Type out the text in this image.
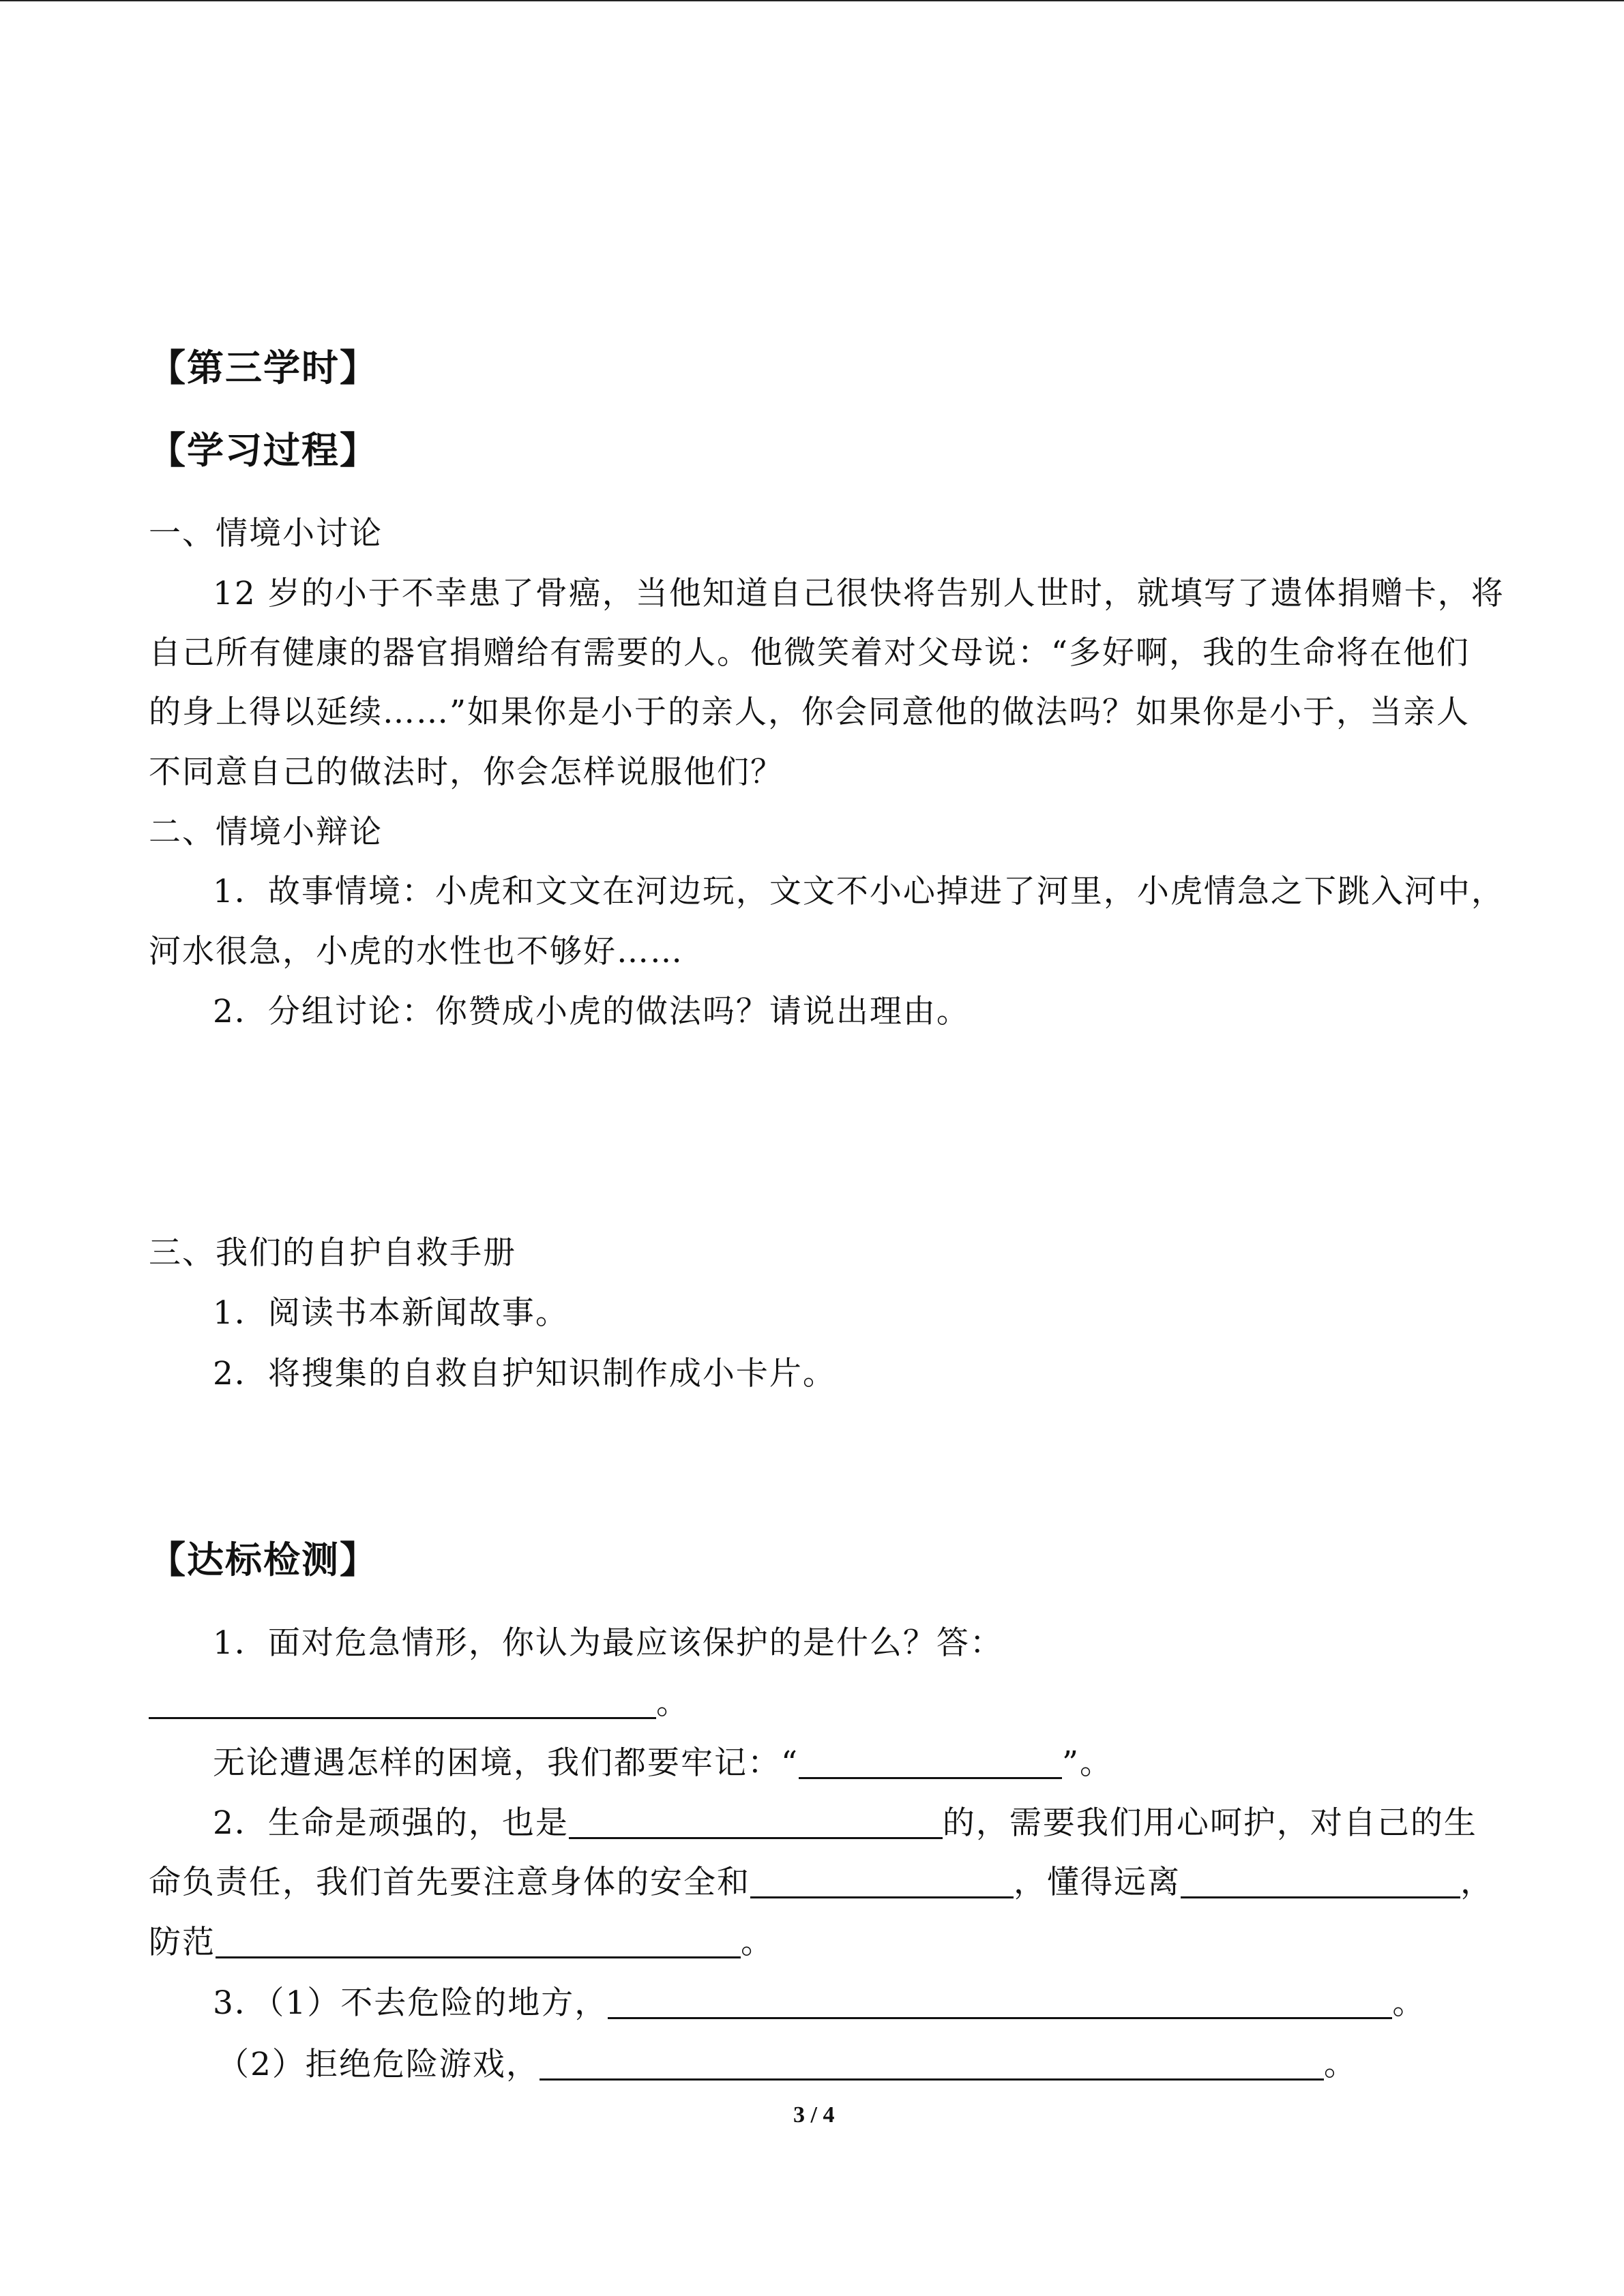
【第三学时】
【学习过程】
一、情境小讨论
12 岁的小于不幸患了骨癌，当他知道自己很快将告别人世时，就填写了遗体捐赠卡，将
自己所有健康的器官捐赠给有需要的人。他微笑着对父母说：“多好啊，我的生命将在他们
的身上得以延续……”如果你是小于的亲人，你会同意他的做法吗？如果你是小于，当亲人
不同意自己的做法时，你会怎样说服他们？
二、情境小辩论
1．故事情境：小虎和文文在河边玩，文文不小心掉进了河里，小虎情急之下跳入河中，
河水很急，小虎的水性也不够好……
2．分组讨论：你赞成小虎的做法吗？请说出理由。
三、我们的自护自救手册
1．阅读书本新闻故事。
2．将搜集的自救自护知识制作成小卡片。
【达标检测】
1．面对危急情形，你认为最应该保护的是什么？答：
。
无论遭遇怎样的困境，我们都要牢记：“	”。
2．生命是顽强的，也是	的，需要我们用心呵护，对自己的生
命负责任，我们首先要注意身体的安全和	，懂得远离	，
防范	。
3．（1）不去危险的地方，	。
（2）拒绝危险游戏，	。
3 / 4
